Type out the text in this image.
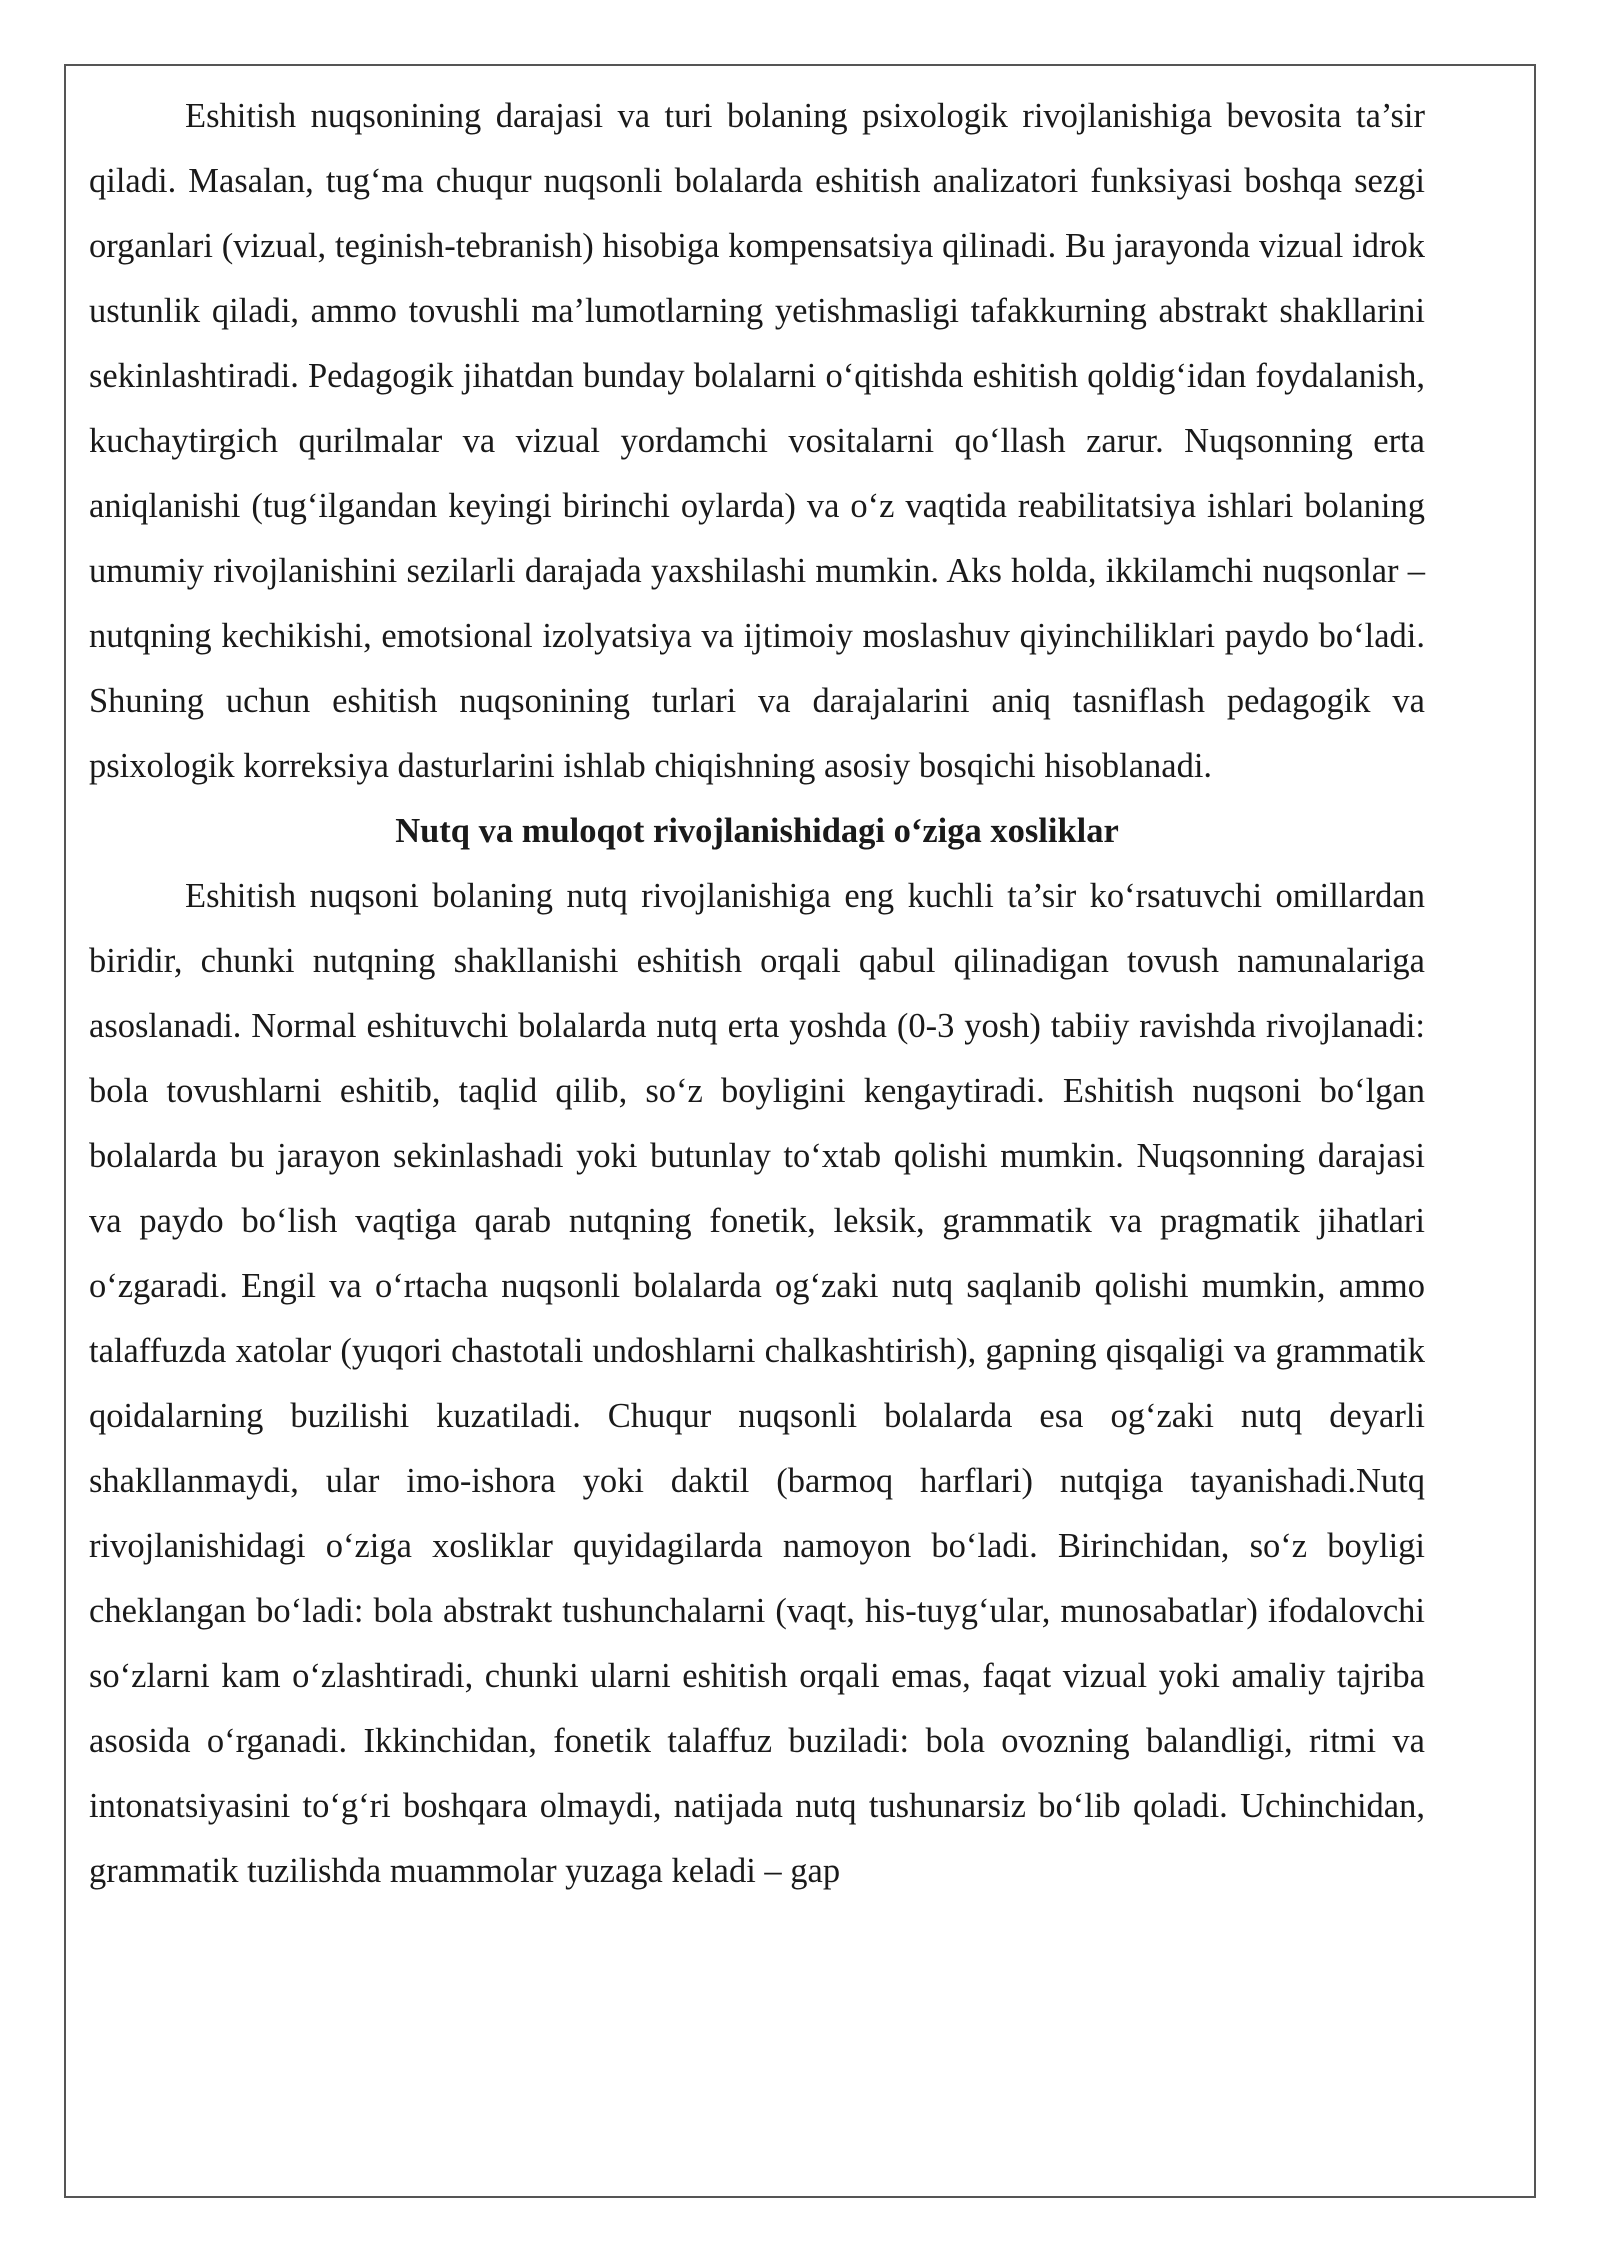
Eshitish nuqsonining darajasi va turi bolaning psixologik rivojlanishiga bevosita ta’sir qiladi. Masalan, tug‘ma chuqur nuqsonli bolalarda eshitish analizatori funksiyasi boshqa sezgi organlari (vizual, teginish-tebranish) hisobiga kompensatsiya qilinadi. Bu jarayonda vizual idrok ustunlik qiladi, ammo tovushli ma’lumotlarning yetishmasligi tafakkurning abstrakt shakllarini sekinlashtiradi. Pedagogik jihatdan bunday bolalarni o‘qitishda eshitish qoldig‘idan foydalanish, kuchaytirgich qurilmalar va vizual yordamchi vositalarni qo‘llash zarur. Nuqsonning erta aniqlanishi (tug‘ilgandan keyingi birinchi oylarda) va o‘z vaqtida reabilitatsiya ishlari bolaning umumiy rivojlanishini sezilarli darajada yaxshilashi mumkin. Aks holda, ikkilamchi nuqsonlar – nutqning kechikishi, emotsional izolyatsiya va ijtimoiy moslashuv qiyinchiliklari paydo bo‘ladi. Shuning uchun eshitish nuqsonining turlari va darajalarini aniq tasniflash pedagogik va psixologik korreksiya dasturlarini ishlab chiqishning asosiy bosqichi hisoblanadi.

Nutq va muloqot rivojlanishidagi o‘ziga xosliklar

Eshitish nuqsoni bolaning nutq rivojlanishiga eng kuchli ta’sir ko‘rsatuvchi omillardan biridir, chunki nutqning shakllanishi eshitish orqali qabul qilinadigan tovush namunalariga asoslanadi. Normal eshituvchi bolalarda nutq erta yoshda (0-3 yosh) tabiiy ravishda rivojlanadi: bola tovushlarni eshitib, taqlid qilib, so‘z boyligini kengaytiradi. Eshitish nuqsoni bo‘lgan bolalarda bu jarayon sekinlashadi yoki butunlay to‘xtab qolishi mumkin. Nuqsonning darajasi va paydo bo‘lish vaqtiga qarab nutqning fonetik, leksik, grammatik va pragmatik jihatlari o‘zgaradi. Engil va o‘rtacha nuqsonli bolalarda og‘zaki nutq saqlanib qolishi mumkin, ammo talaffuzda xatolar (yuqori chastotali undoshlarni chalkashtirish), gapning qisqaligi va grammatik qoidalarning buzilishi kuzatiladi. Chuqur nuqsonli bolalarda esa og‘zaki nutq deyarli shakllanmaydi, ular imo-ishora yoki daktil (barmoq harflari) nutqiga tayanishadi.Nutq rivojlanishidagi o‘ziga xosliklar quyidagilarda namoyon bo‘ladi. Birinchidan, so‘z boyligi cheklangan bo‘ladi: bola abstrakt tushunchalarni (vaqt, his-tuyg‘ular, munosabatlar) ifodalovchi so‘zlarni kam o‘zlashtiradi, chunki ularni eshitish orqali emas, faqat vizual yoki amaliy tajriba asosida o‘rganadi. Ikkinchidan, fonetik talaffuz buziladi: bola ovozning balandligi, ritmi va intonatsiyasini to‘g‘ri boshqara olmaydi, natijada nutq tushunarsiz bo‘lib qoladi. Uchinchidan, grammatik tuzilishda muammolar yuzaga keladi – gap
